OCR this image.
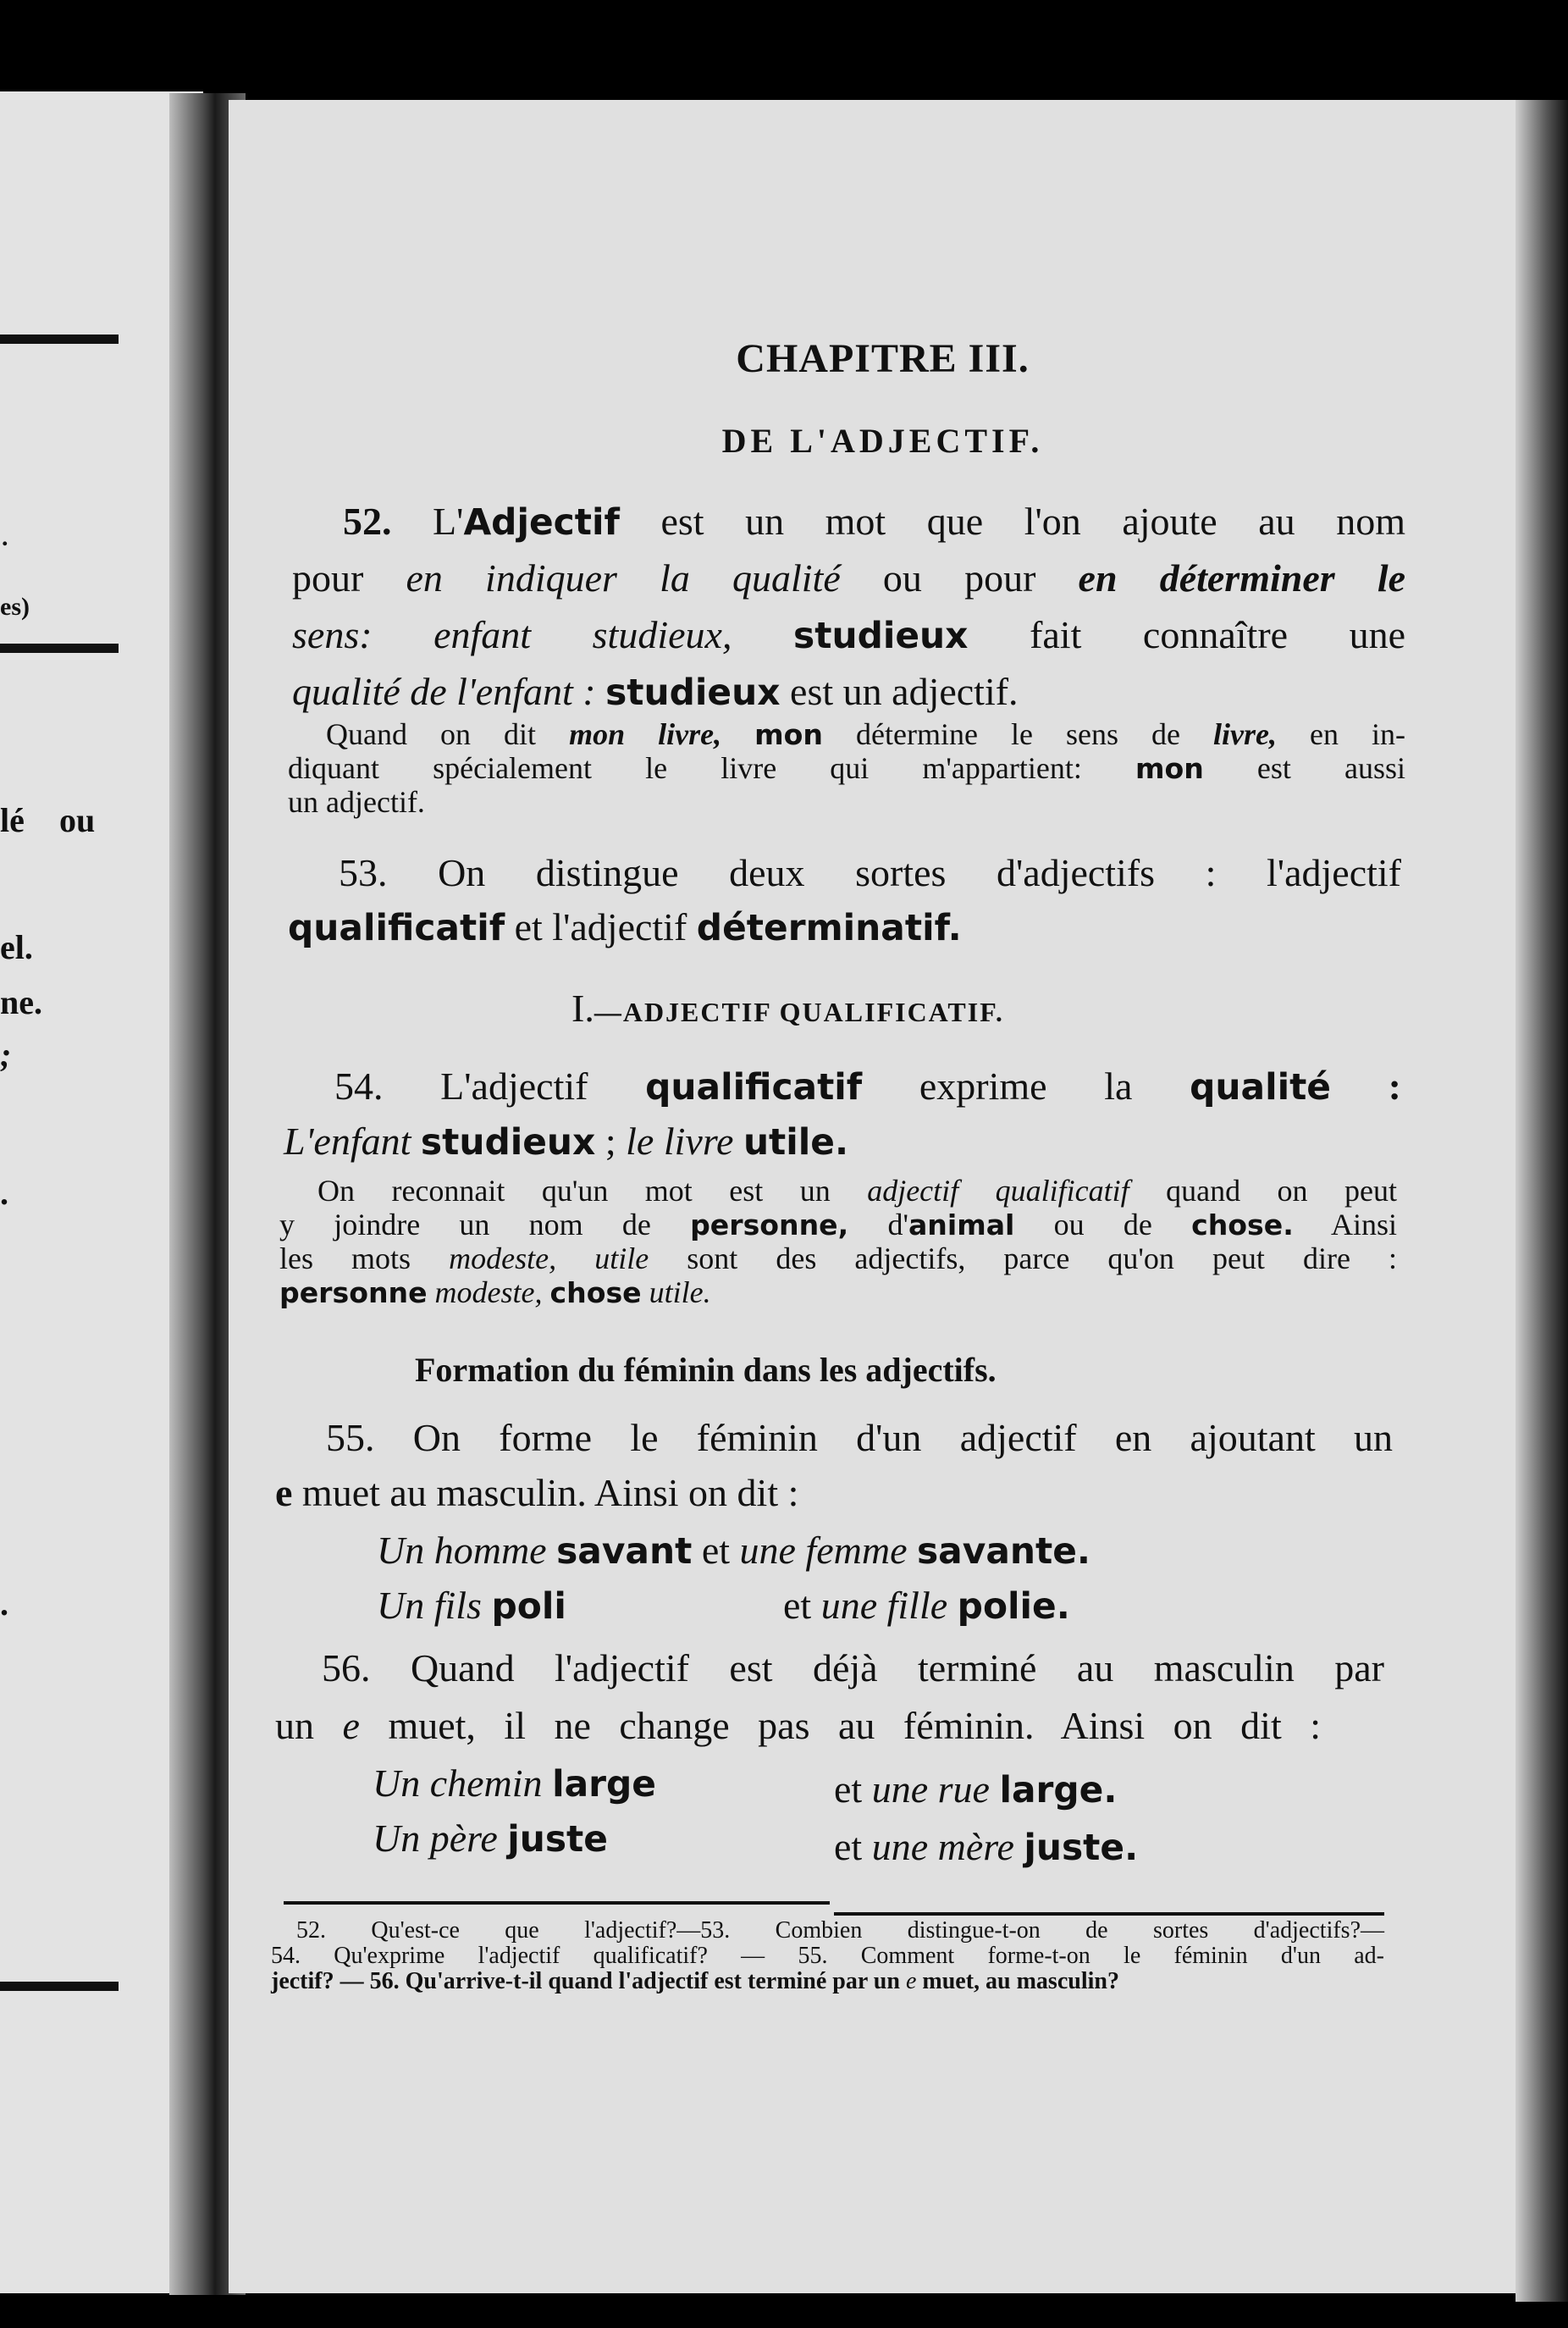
.
es)
lé ou
el.
ne.
;
.
.
CHAPITRE III.
DE L'ADJECTIF.
52. L'Adjectif est un mot que l'on ajoute au nom
pour en indiquer la qualité ou pour en déterminer le
sens: enfant studieux, studieux fait connaître une
qualité de l'enfant : studieux est un adjectif.
Quand on dit mon livre, mon détermine le sens de livre, en in-
diquant spécialement le livre qui m'appartient: mon est aussi
un adjectif.
53. On distingue deux sortes d'adjectifs : l'adjectif
qualificatif et l'adjectif déterminatif.
I.—ADJECTIF QUALIFICATIF.
54. L'adjectif qualificatif exprime la qualité :
L'enfant studieux ; le livre utile.
On reconnait qu'un mot est un adjectif qualificatif quand on peut
y joindre un nom de personne, d'animal ou de chose. Ainsi
les mots modeste, utile sont des adjectifs, parce qu'on peut dire :
personne modeste, chose utile.
Formation du féminin dans les adjectifs.
55. On forme le féminin d'un adjectif en ajoutant un
e muet au masculin. Ainsi on dit :
Un homme savant et une femme savante.
Un fils poli	et une fille polie.
56. Quand l'adjectif est déjà terminé au masculin par
un e muet, il ne change pas au féminin. Ainsi on dit :
Un chemin large	et une rue large.
Un père juste	et une mère juste.
52. Qu'est-ce que l'adjectif?—53. Combien distingue-t-on de sortes d'adjectifs?—
54. Qu'exprime l'adjectif qualificatif? — 55. Comment forme-t-on le féminin d'un ad-
jectif? — 56. Qu'arrive-t-il quand l'adjectif est terminé par un e muet, au masculin?
